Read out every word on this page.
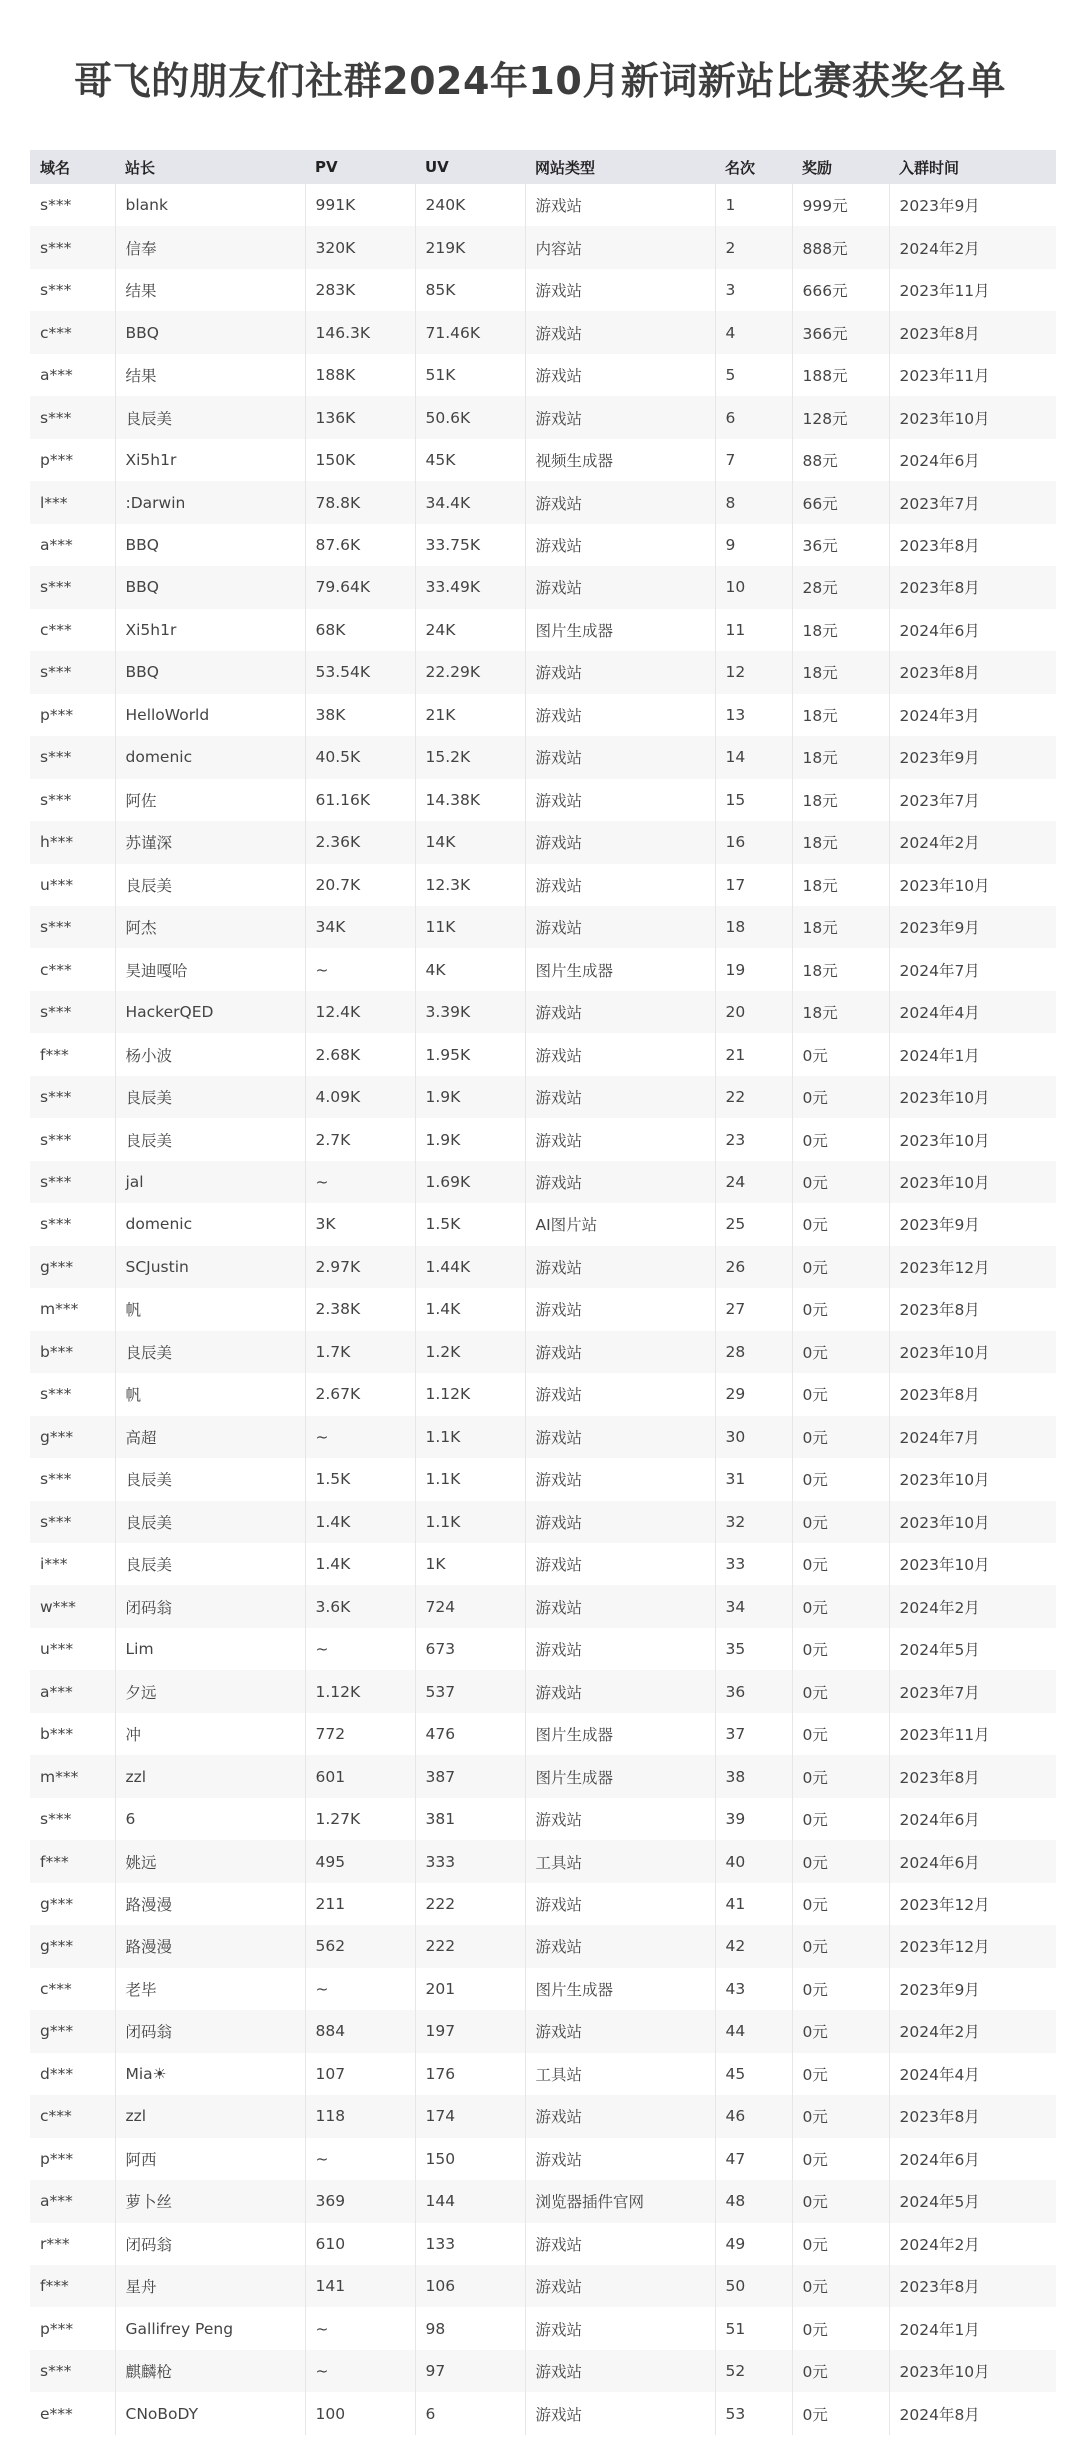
哥飞的朋友们社群2024年10月新词新站比赛获奖名单
域名	站长	PV	UV	网站类型	名次	奖励	入群时间
s***	blank	991K	240K	游戏站	1	999元	2023年9月
s***	信奉	320K	219K	内容站	2	888元	2024年2月
s***	结果	283K	85K	游戏站	3	666元	2023年11月
c***	BBQ	146.3K	71.46K	游戏站	4	366元	2023年8月
a***	结果	188K	51K	游戏站	5	188元	2023年11月
s***	良辰美	136K	50.6K	游戏站	6	128元	2023年10月
p***	Xi5h1r	150K	45K	视频生成器	7	88元	2024年6月
l***	:Darwin	78.8K	34.4K	游戏站	8	66元	2023年7月
a***	BBQ	87.6K	33.75K	游戏站	9	36元	2023年8月
s***	BBQ	79.64K	33.49K	游戏站	10	28元	2023年8月
c***	Xi5h1r	68K	24K	图片生成器	11	18元	2024年6月
s***	BBQ	53.54K	22.29K	游戏站	12	18元	2023年8月
p***	HelloWorld	38K	21K	游戏站	13	18元	2024年3月
s***	domenic	40.5K	15.2K	游戏站	14	18元	2023年9月
s***	阿佐	61.16K	14.38K	游戏站	15	18元	2023年7月
h***	苏谨深	2.36K	14K	游戏站	16	18元	2024年2月
u***	良辰美	20.7K	12.3K	游戏站	17	18元	2023年10月
s***	阿杰	34K	11K	游戏站	18	18元	2023年9月
c***	昊迪嘎哈	~	4K	图片生成器	19	18元	2024年7月
s***	HackerQED	12.4K	3.39K	游戏站	20	18元	2024年4月
f***	杨小波	2.68K	1.95K	游戏站	21	0元	2024年1月
s***	良辰美	4.09K	1.9K	游戏站	22	0元	2023年10月
s***	良辰美	2.7K	1.9K	游戏站	23	0元	2023年10月
s***	jal	~	1.69K	游戏站	24	0元	2023年10月
s***	domenic	3K	1.5K	AI图片站	25	0元	2023年9月
g***	SCJustin	2.97K	1.44K	游戏站	26	0元	2023年12月
m***	帆	2.38K	1.4K	游戏站	27	0元	2023年8月
b***	良辰美	1.7K	1.2K	游戏站	28	0元	2023年10月
s***	帆	2.67K	1.12K	游戏站	29	0元	2023年8月
g***	高超	~	1.1K	游戏站	30	0元	2024年7月
s***	良辰美	1.5K	1.1K	游戏站	31	0元	2023年10月
s***	良辰美	1.4K	1.1K	游戏站	32	0元	2023年10月
i***	良辰美	1.4K	1K	游戏站	33	0元	2023年10月
w***	闭码翁	3.6K	724	游戏站	34	0元	2024年2月
u***	Lim	~	673	游戏站	35	0元	2024年5月
a***	夕远	1.12K	537	游戏站	36	0元	2023年7月
b***	冲	772	476	图片生成器	37	0元	2023年11月
m***	zzl	601	387	图片生成器	38	0元	2023年8月
s***	6	1.27K	381	游戏站	39	0元	2024年6月
f***	姚远	495	333	工具站	40	0元	2024年6月
g***	路漫漫	211	222	游戏站	41	0元	2023年12月
g***	路漫漫	562	222	游戏站	42	0元	2023年12月
c***	老毕	~	201	图片生成器	43	0元	2023年9月
g***	闭码翁	884	197	游戏站	44	0元	2024年2月
d***	Mia☀	107	176	工具站	45	0元	2024年4月
c***	zzl	118	174	游戏站	46	0元	2023年8月
p***	阿西	~	150	游戏站	47	0元	2024年6月
a***	萝卜丝	369	144	浏览器插件官网	48	0元	2024年5月
r***	闭码翁	610	133	游戏站	49	0元	2024年2月
f***	星舟	141	106	游戏站	50	0元	2023年8月
p***	Gallifrey Peng	~	98	游戏站	51	0元	2024年1月
s***	麒麟枪	~	97	游戏站	52	0元	2023年10月
e***	CNoBoDY	100	6	游戏站	53	0元	2024年8月
